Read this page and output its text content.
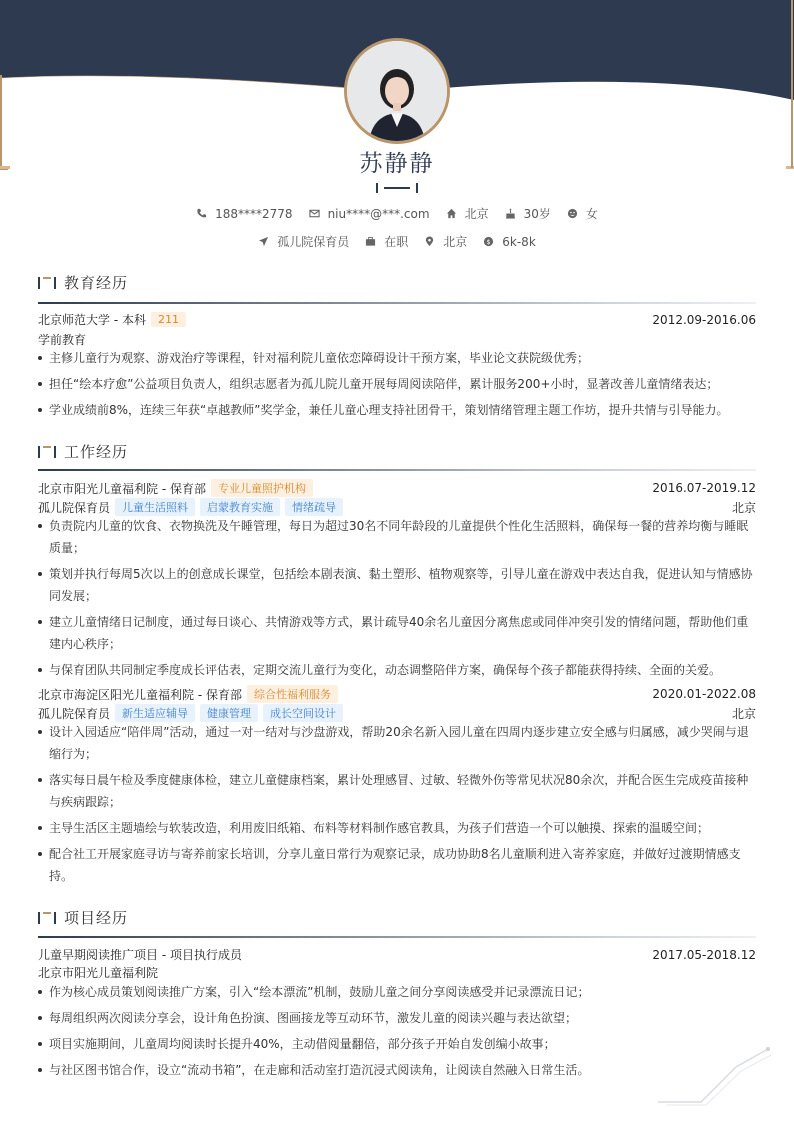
苏静静
188****2778	niu****@***.com	北京	30岁	女
孤儿院保育员	在职	北京	$ 6k-8k
教育经历
北京师范大学 - 本科	211	2012.09-2016.06
学前教育
主修儿童行为观察、游戏治疗等课程，针对福利院儿童依恋障碍设计干预方案，毕业论文获院级优秀；
担任“绘本疗愈”公益项目负责人，组织志愿者为孤儿院儿童开展每周阅读陪伴，累计服务200+小时，显著改善儿童情绪表达；
学业成绩前8%，连续三年获“卓越教师”奖学金，兼任儿童心理支持社团骨干，策划情绪管理主题工作坊，提升共情与引导能力。
工作经历
北京市阳光儿童福利院 - 保育部	专业儿童照护机构	2016.07-2019.12
孤儿院保育员	儿童生活照料	启蒙教育实施	情绪疏导	北京
负责院内儿童的饮食、衣物换洗及午睡管理，每日为超过30名不同年龄段的儿童提供个性化生活照料，确保每一餐的营养均衡与睡眠质量；
策划并执行每周5次以上的创意成长课堂，包括绘本剧表演、黏土塑形、植物观察等，引导儿童在游戏中表达自我，促进认知与情感协同发展；
建立儿童情绪日记制度，通过每日谈心、共情游戏等方式，累计疏导40余名儿童因分离焦虑或同伴冲突引发的情绪问题，帮助他们重建内心秩序；
与保育团队共同制定季度成长评估表，定期交流儿童行为变化，动态调整陪伴方案，确保每个孩子都能获得持续、全面的关爱。
北京市海淀区阳光儿童福利院 - 保育部	综合性福利服务	2020.01-2022.08
孤儿院保育员	新生适应辅导	健康管理	成长空间设计	北京
设计入园适应“陪伴周”活动，通过一对一结对与沙盘游戏，帮助20余名新入园儿童在四周内逐步建立安全感与归属感，减少哭闹与退缩行为；
落实每日晨午检及季度健康体检，建立儿童健康档案，累计处理感冒、过敏、轻微外伤等常见状况80余次，并配合医生完成疫苗接种与疾病跟踪；
主导生活区主题墙绘与软装改造，利用废旧纸箱、布料等材料制作感官教具，为孩子们营造一个可以触摸、探索的温暖空间；
配合社工开展家庭寻访与寄养前家长培训，分享儿童日常行为观察记录，成功协助8名儿童顺利进入寄养家庭，并做好过渡期情感支持。
项目经历
儿童早期阅读推广项目 - 项目执行成员	2017.05-2018.12
北京市阳光儿童福利院
作为核心成员策划阅读推广方案，引入“绘本漂流”机制，鼓励儿童之间分享阅读感受并记录漂流日记；
每周组织两次阅读分享会，设计角色扮演、图画接龙等互动环节，激发儿童的阅读兴趣与表达欲望；
项目实施期间，儿童周均阅读时长提升40%，主动借阅量翻倍，部分孩子开始自发创编小故事；
与社区图书馆合作，设立“流动书箱”，在走廊和活动室打造沉浸式阅读角，让阅读自然融入日常生活。
